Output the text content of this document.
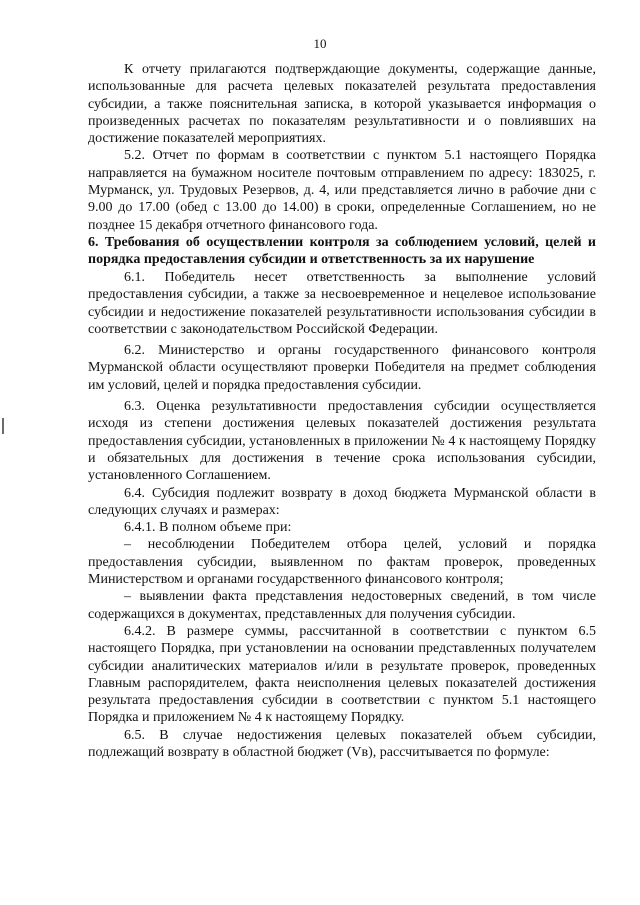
10

К отчету прилагаются подтверждающие документы, содержащие данные, использованные для расчета целевых показателей результата предоставления субсидии, а также пояснительная записка, в которой указывается информация о произведенных расчетах по показателям результативности и о повлиявших на достижение показателей мероприятиях.

5.2. Отчет по формам в соответствии с пунктом 5.1 настоящего Порядка направляется на бумажном носителе почтовым отправлением по адресу: 183025, г. Мурманск, ул. Трудовых Резервов, д. 4, или представляется лично в рабочие дни с 9.00 до 17.00 (обед с 13.00 до 14.00) в сроки, определенные Соглашением, но не позднее 15 декабря отчетного финансового года.

6. Требования об осуществлении контроля за соблюдением условий, целей и порядка предоставления субсидии и ответственность за их нарушение

6.1. Победитель несет ответственность за выполнение условий предоставления субсидии, а также за несвоевременное и нецелевое использование субсидии и недостижение показателей результативности использования субсидии в соответствии с законодательством Российской Федерации.

6.2. Министерство и органы государственного финансового контроля Мурманской области осуществляют проверки Победителя на предмет соблюдения им условий, целей и порядка предоставления субсидии.

6.3. Оценка результативности предоставления субсидии осуществляется исходя из степени достижения целевых показателей достижения результата предоставления субсидии, установленных в приложении № 4 к настоящему Порядку и обязательных для достижения в течение срока использования субсидии, установленного Соглашением.

6.4. Субсидия подлежит возврату в доход бюджета Мурманской области в следующих случаях и размерах:

6.4.1. В полном объеме при:

– несоблюдении Победителем отбора целей, условий и порядка предоставления субсидии, выявленном по фактам проверок, проведенных Министерством и органами государственного финансового контроля;

– выявлении факта представления недостоверных сведений, в том числе содержащихся в документах, представленных для получения субсидии.

6.4.2. В размере суммы, рассчитанной в соответствии с пунктом 6.5 настоящего Порядка, при установлении на основании представленных получателем субсидии аналитических материалов и/или в результате проверок, проведенных Главным распорядителем, факта неисполнения целевых показателей достижения результата предоставления субсидии в соответствии с пунктом 5.1 настоящего Порядка и приложением № 4 к настоящему Порядку.

6.5. В случае недостижения целевых показателей объем субсидии, подлежащий возврату в областной бюджет (Vв), рассчитывается по формуле:
